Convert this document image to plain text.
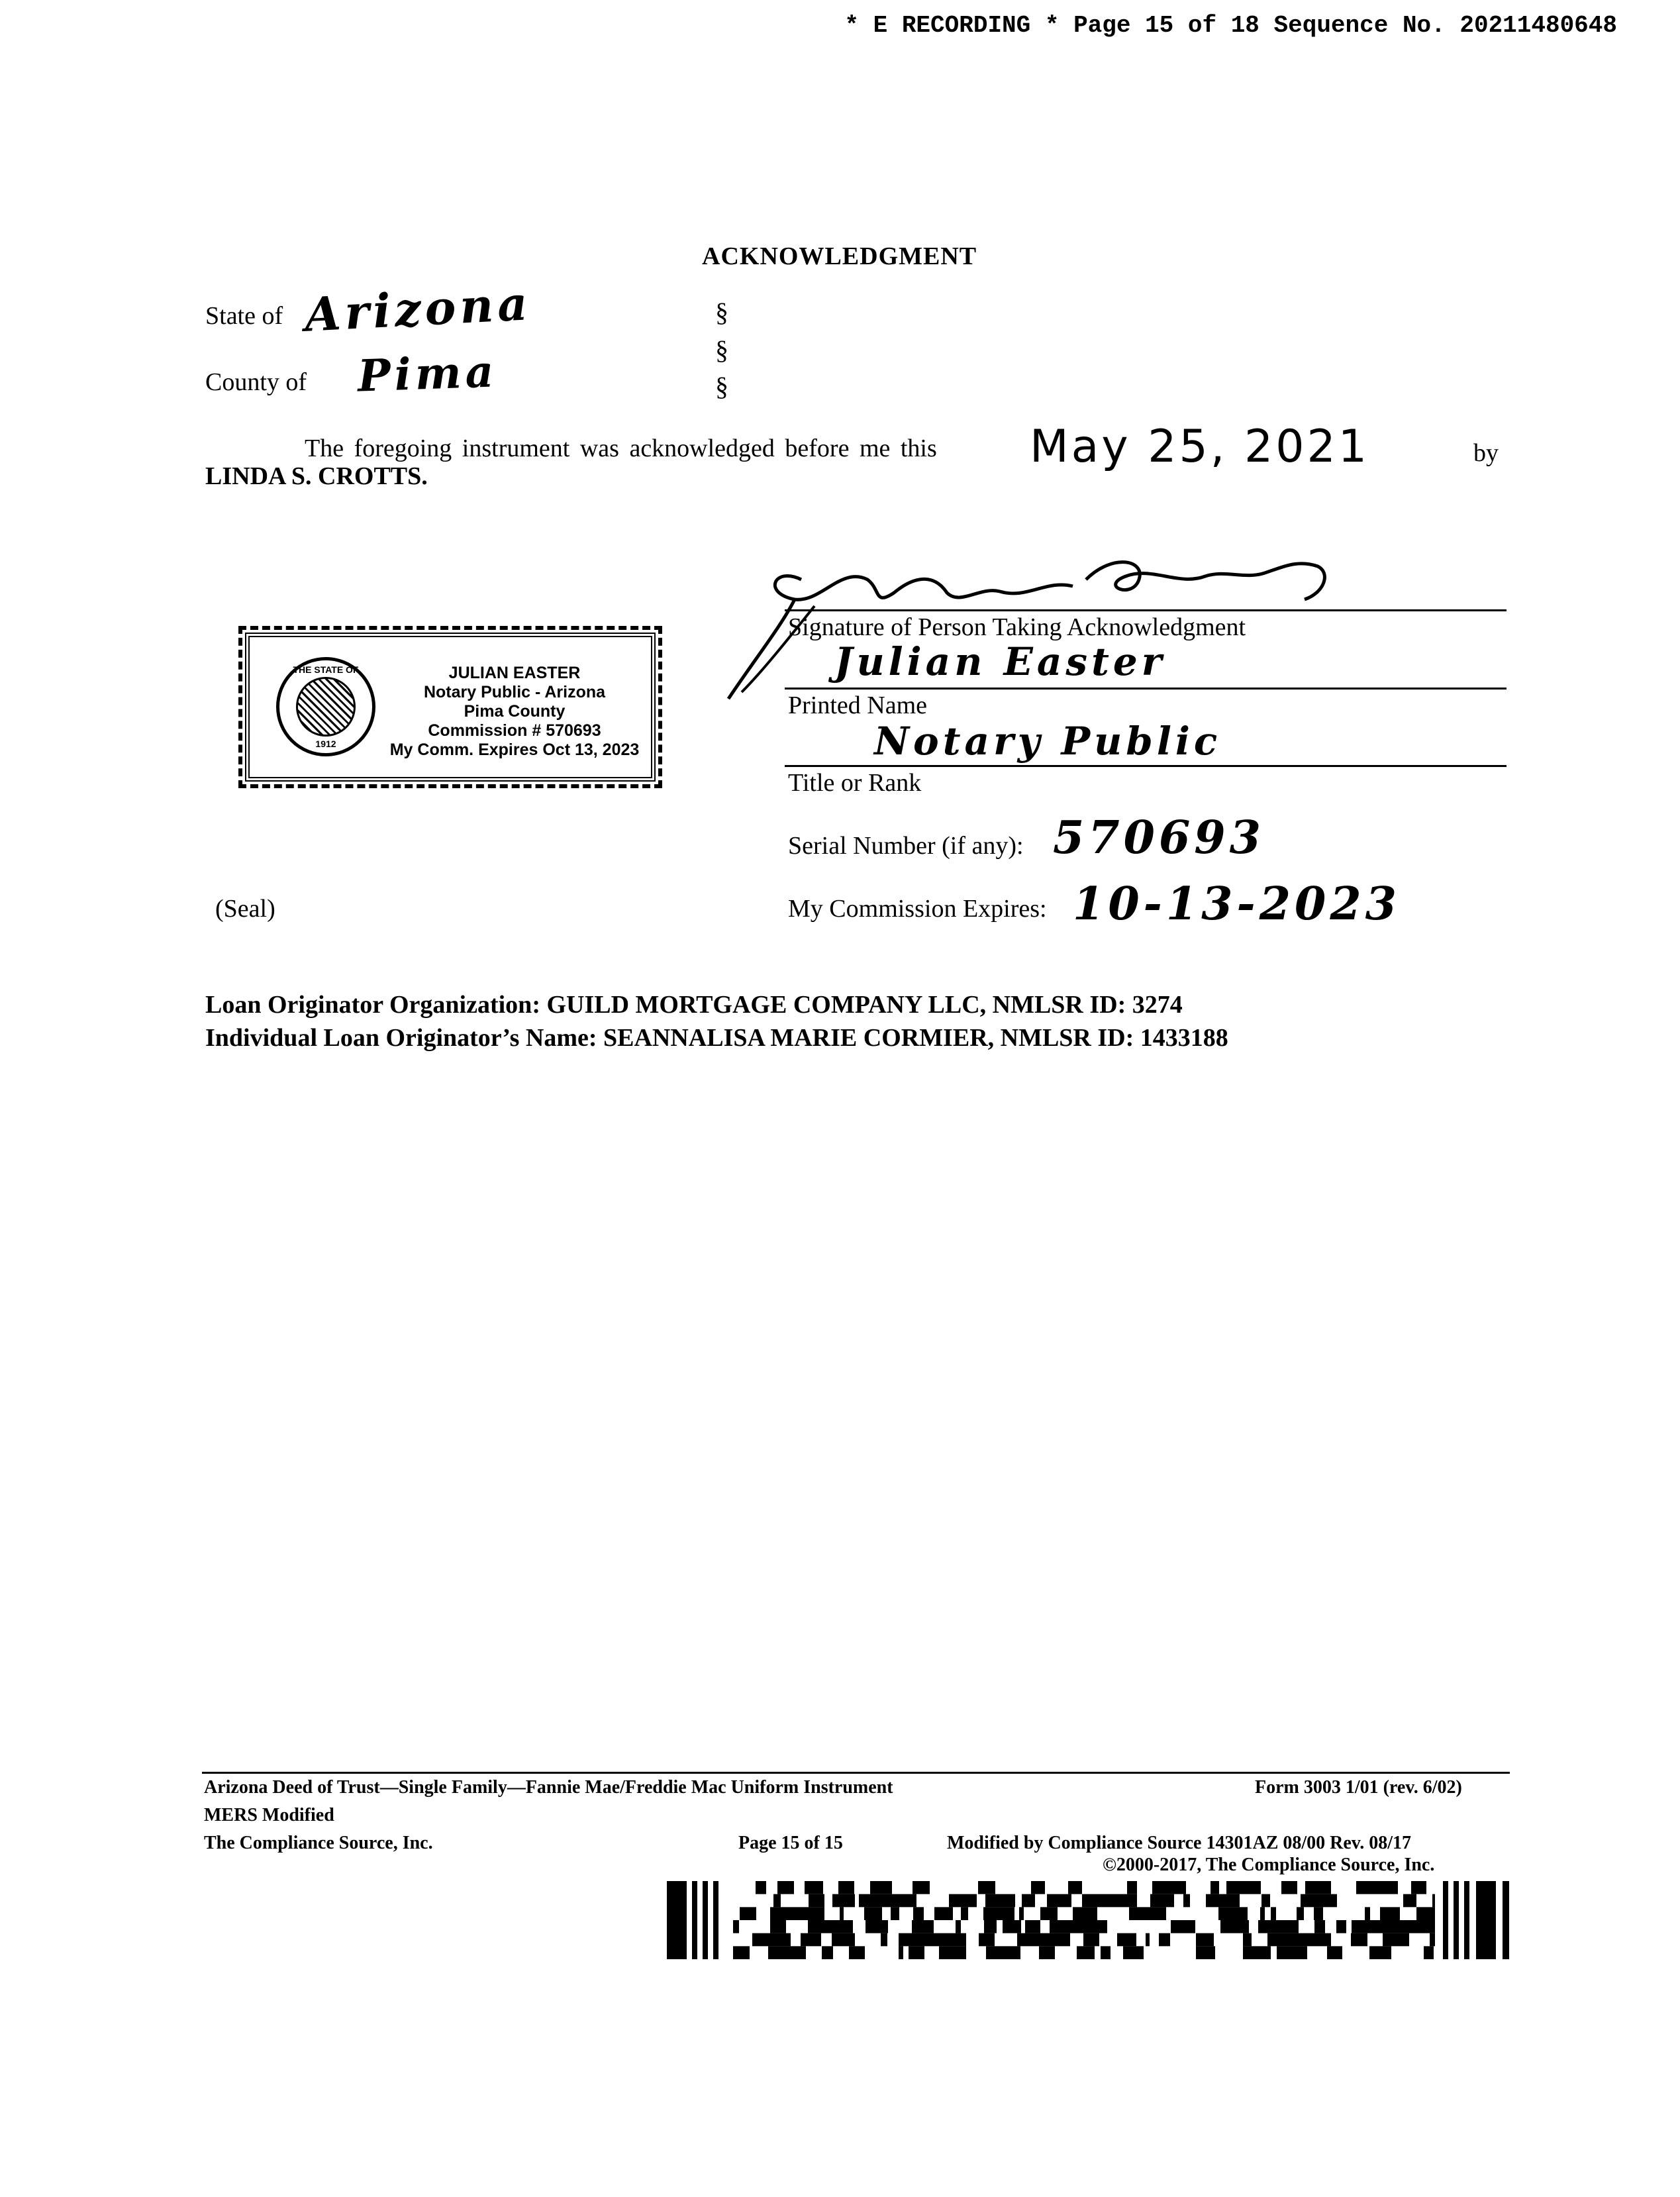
* E RECORDING * Page 15 of 18 Sequence No. 20211480648
ACKNOWLEDGMENT
State of Arizona
County of Pima
§
§
§
The foregoing instrument was acknowledged before me this May 25, 2021	by
LINDA S. CROTTS.
Signature of Person Taking Acknowledgment
Julian Easter
Printed Name
Notary Public
Title or Rank
Serial Number (if any): 570693
My Commission Expires: 10-13-2023
THE STATE OF
1912
JULIAN EASTER
Notary Public - Arizona
Pima County
Commission # 570693
My Comm. Expires Oct 13, 2023
(Seal)
Loan Originator Organization: GUILD MORTGAGE COMPANY LLC, NMLSR ID: 3274
Individual Loan Originator’s Name: SEANNALISA MARIE CORMIER, NMLSR ID: 1433188
Arizona Deed of Trust—Single Family—Fannie Mae/Freddie Mac Uniform Instrument	Form 3003 1/01 (rev. 6/02)
MERS Modified
The Compliance Source, Inc.	Page 15 of 15	Modified by Compliance Source 14301AZ 08/00 Rev. 08/17
©2000-2017, The Compliance Source, Inc.
